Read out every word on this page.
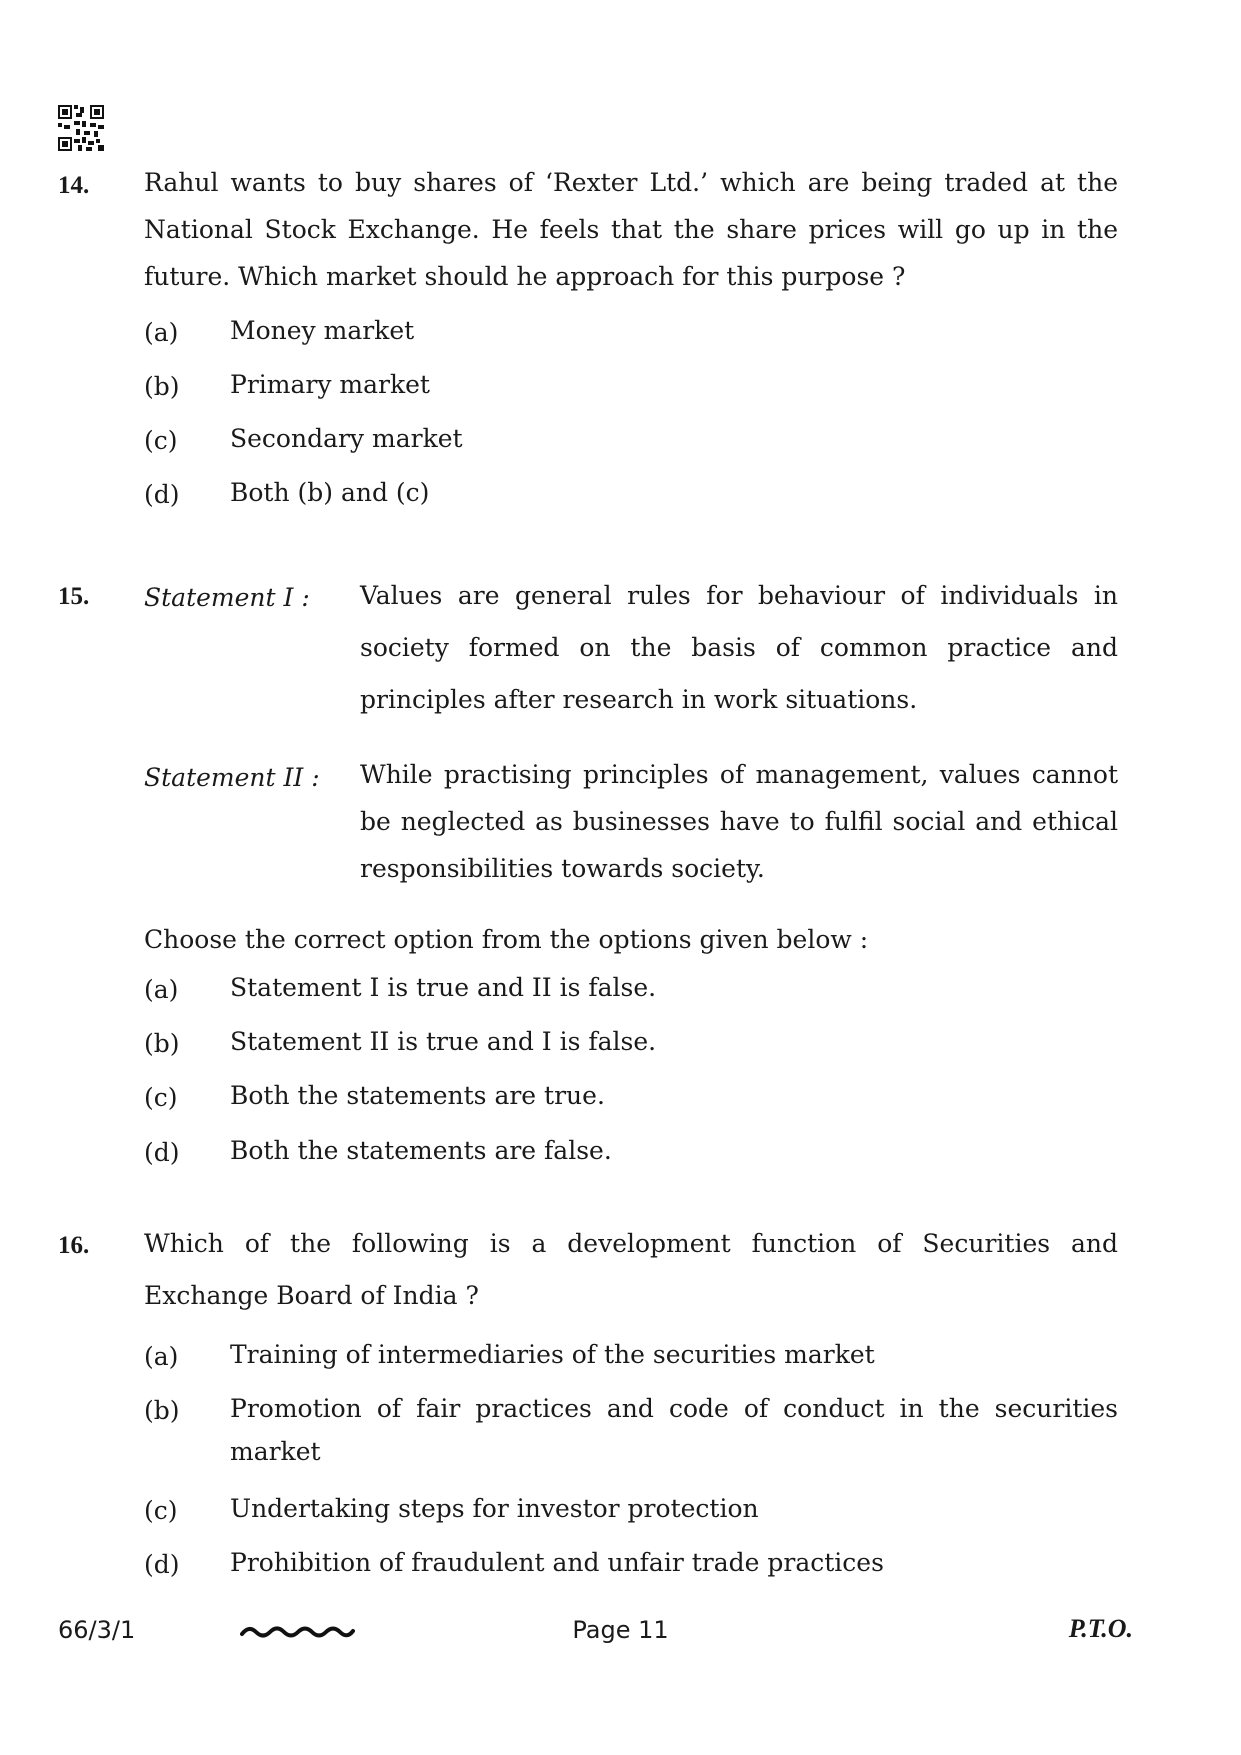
14. Rahul wants to buy shares of ‘Rexter Ltd.’ which are being traded at the National Stock Exchange. He feels that the share prices will go up in the future. Which market should he approach for this purpose ?
(a) Money market
(b) Primary market
(c) Secondary market
(d) Both (b) and (c)
15. Statement I : Values are general rules for behaviour of individuals in society formed on the basis of common practice and principles after research in work situations.
Statement II : While practising principles of management, values cannot be neglected as businesses have to fulfil social and ethical responsibilities towards society.
Choose the correct option from the options given below :
(a) Statement I is true and II is false.
(b) Statement II is true and I is false.
(c) Both the statements are true.
(d) Both the statements are false.
16. Which of the following is a development function of Securities and Exchange Board of India ?
(a) Training of intermediaries of the securities market
(b) Promotion of fair practices and code of conduct in the securities market
(c) Undertaking steps for investor protection
(d) Prohibition of fraudulent and unfair trade practices
66/3/1	Page 11	P.T.O.
